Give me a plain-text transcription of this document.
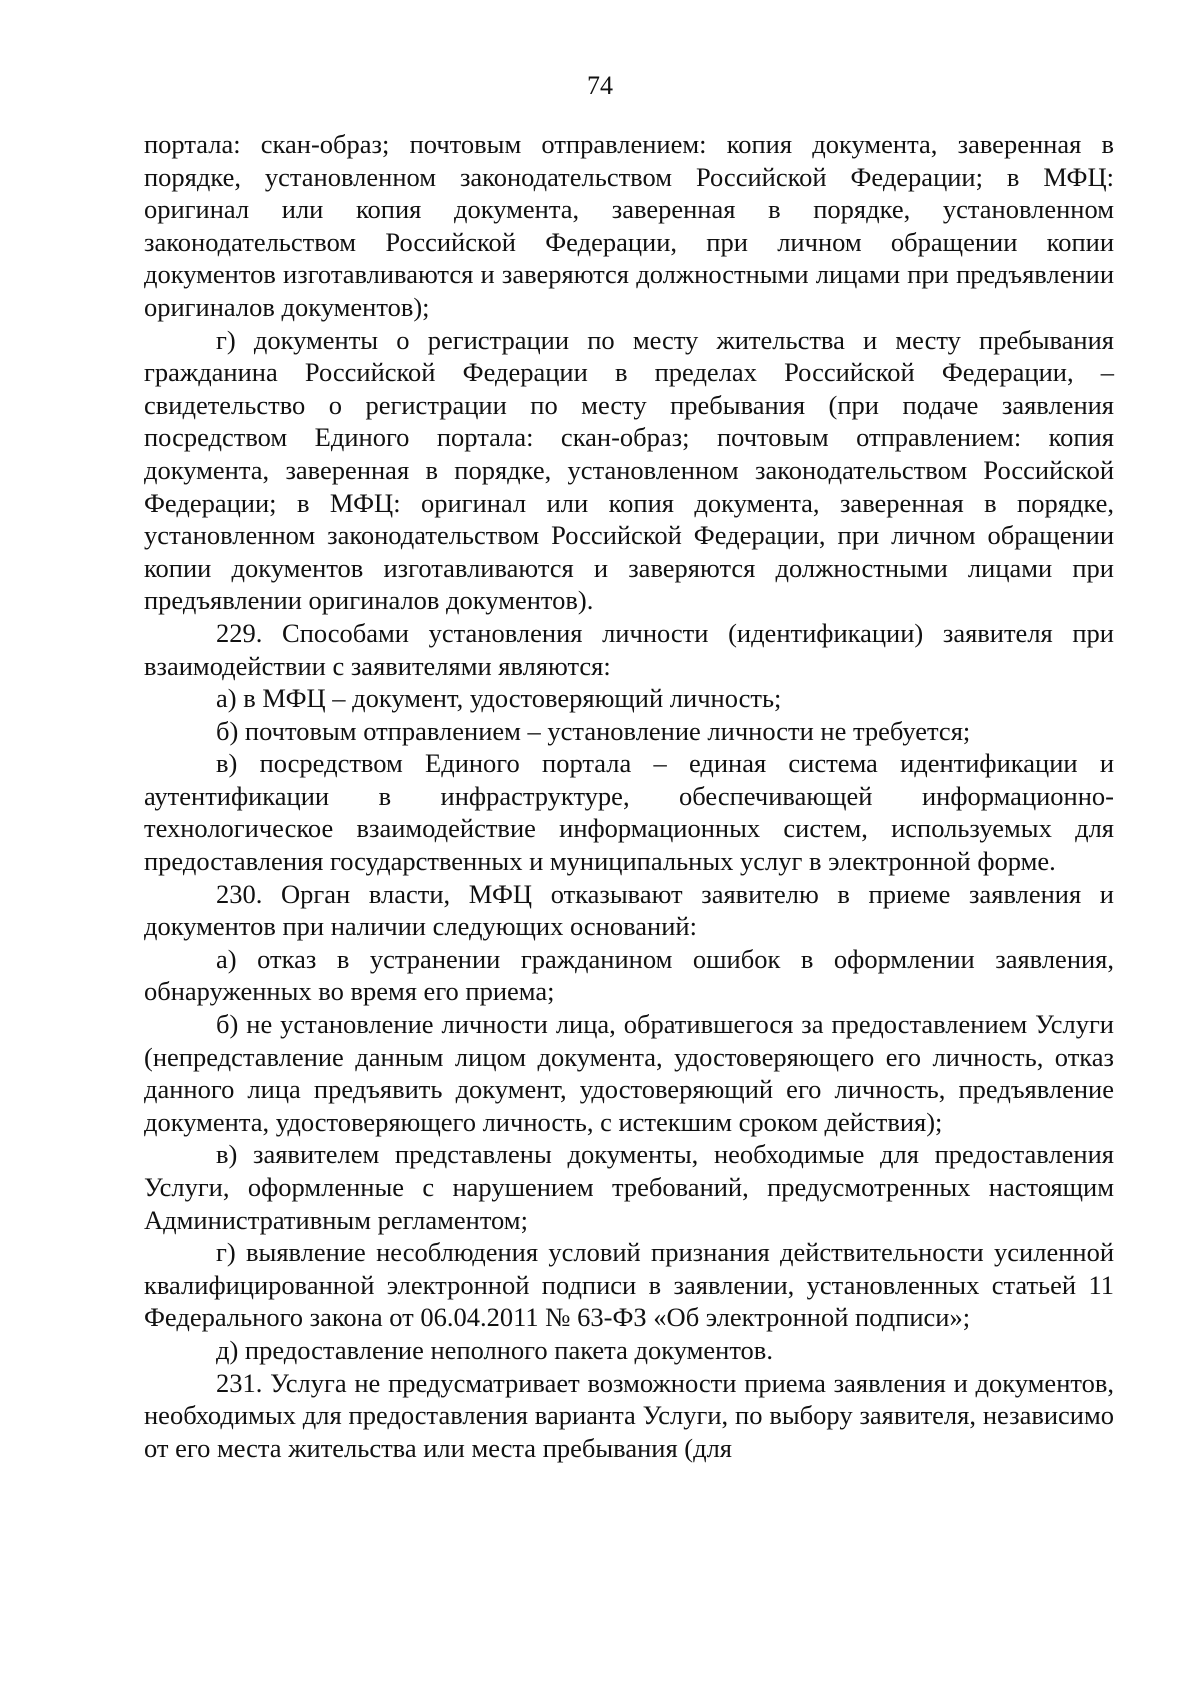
74

портала: скан-образ; почтовым отправлением: копия документа, заверенная в порядке, установленном законодательством Российской Федерации; в МФЦ: оригинал или копия документа, заверенная в порядке, установленном законодательством Российской Федерации, при личном обращении копии документов изготавливаются и заверяются должностными лицами при предъявлении оригиналов документов);

г) документы о регистрации по месту жительства и месту пребывания гражданина Российской Федерации в пределах Российской Федерации, – свидетельство о регистрации по месту пребывания (при подаче заявления посредством Единого портала: скан-образ; почтовым отправлением: копия документа, заверенная в порядке, установленном законодательством Российской Федерации; в МФЦ: оригинал или копия документа, заверенная в порядке, установленном законодательством Российской Федерации, при личном обращении копии документов изготавливаются и заверяются должностными лицами при предъявлении оригиналов документов).

229. Способами установления личности (идентификации) заявителя при взаимодействии с заявителями являются:

а) в МФЦ – документ, удостоверяющий личность;

б) почтовым отправлением – установление личности не требуется;

в) посредством Единого портала – единая система идентификации и аутентификации в инфраструктуре, обеспечивающей информационно-технологическое взаимодействие информационных систем, используемых для предоставления государственных и муниципальных услуг в электронной форме.

230. Орган власти, МФЦ отказывают заявителю в приеме заявления и документов при наличии следующих оснований:

а) отказ в устранении гражданином ошибок в оформлении заявления, обнаруженных во время его приема;

б) не установление личности лица, обратившегося за предоставлением Услуги (непредставление данным лицом документа, удостоверяющего его личность, отказ данного лица предъявить документ, удостоверяющий его личность, предъявление документа, удостоверяющего личность, с истекшим сроком действия);

в) заявителем представлены документы, необходимые для предоставления Услуги, оформленные с нарушением требований, предусмотренных настоящим Административным регламентом;

г) выявление несоблюдения условий признания действительности усиленной квалифицированной электронной подписи в заявлении, установленных статьей 11 Федерального закона от 06.04.2011 № 63-ФЗ «Об электронной подписи»;

д) предоставление неполного пакета документов.

231. Услуга не предусматривает возможности приема заявления и документов, необходимых для предоставления варианта Услуги, по выбору заявителя, независимо от его места жительства или места пребывания (для
